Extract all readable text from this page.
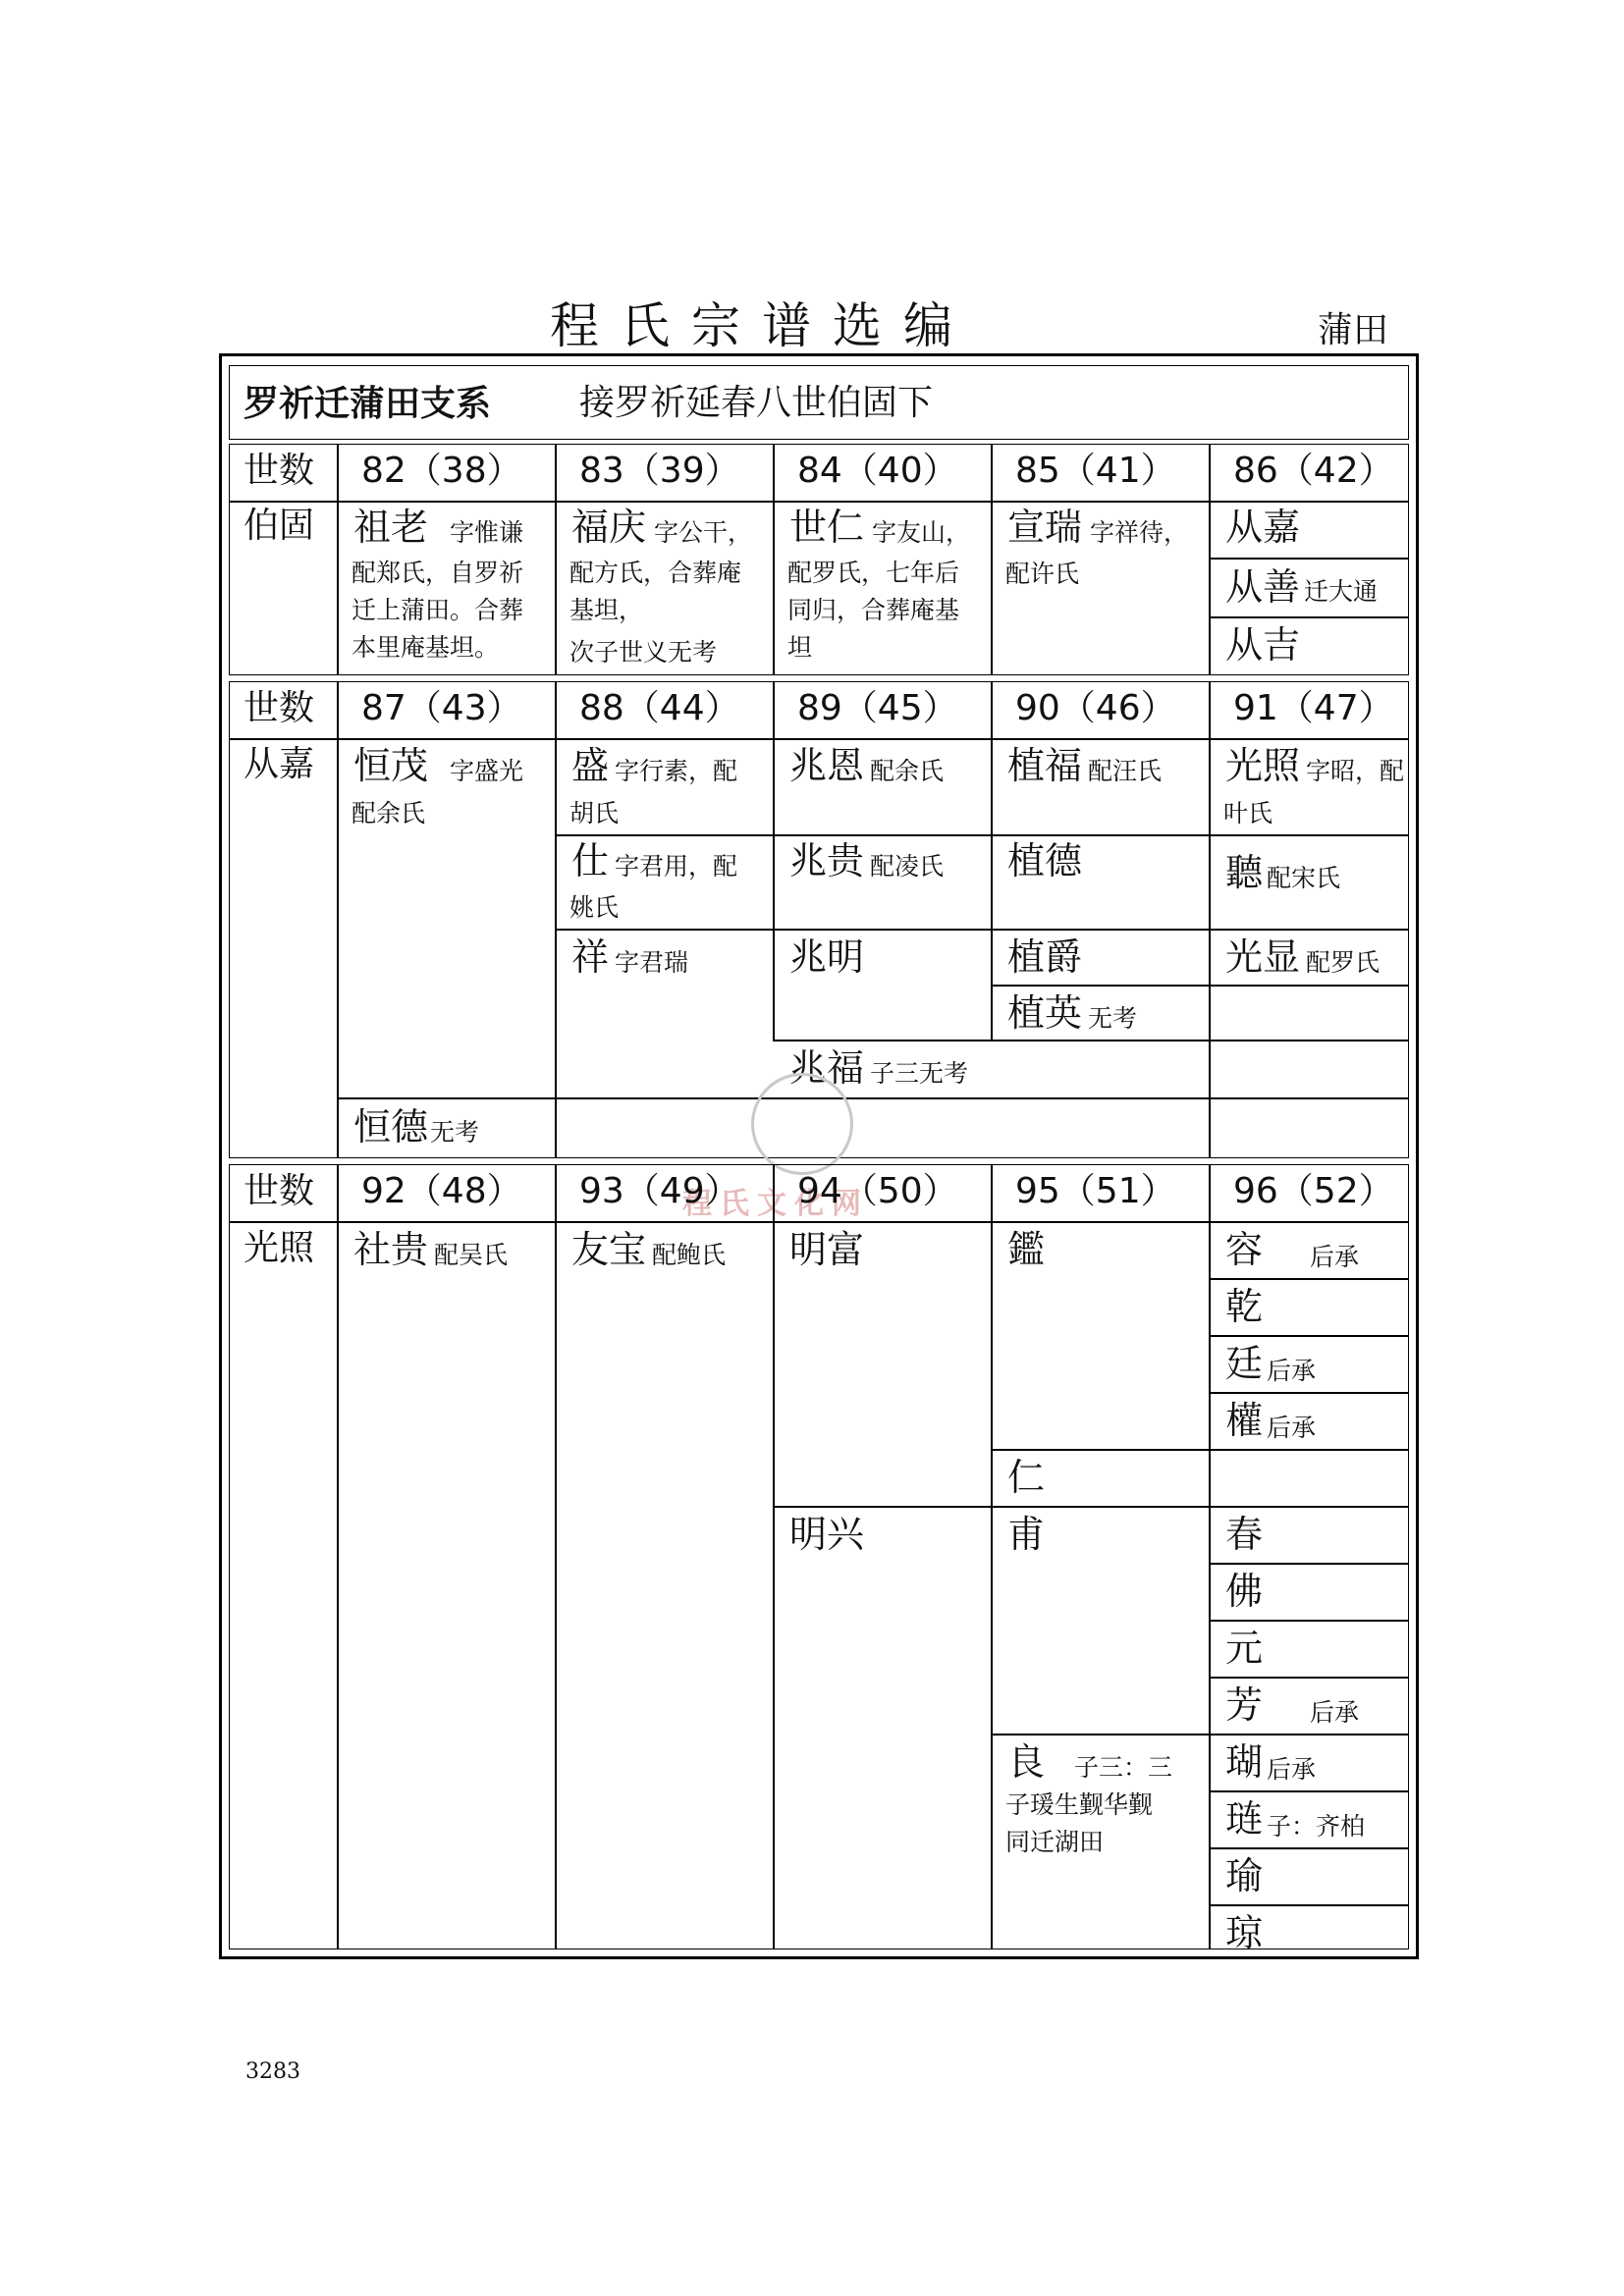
程氏宗谱选编	蒲田
罗祈迁蒲田支系 接罗祈延春八世伯固下
世数 82（38） 83（39） 84（40） 85（41） 86（42）
伯固 祖老 字惟谦
配郑氏，自罗祈迁上蒲田。合葬本里庵基坦。
福庆 字公干，
配方氏，合葬庵基坦，
次子世义无考
世仁 字友山，
配罗氏，七年后同归，合葬庵基坦
宣瑞 字祥待，
配许氏
从嘉
从善 迁大通
从吉
世数 87（43） 88（44） 89（45） 90（46） 91（47）
从嘉 恒茂 字盛光
配余氏
恒德 无考
盛 字行素，配
胡氏
仕 字君用，配
姚氏
祥 字君瑞
兆恩 配余氏
兆贵 配凌氏
兆明
兆福 子三无考
植福 配汪氏
植德
植爵
植英 无考
光照 字昭，配
叶氏
聽 配宋氏
光显 配罗氏
程氏文化网
世数 92（48） 93（49） 94（50） 95（51） 96（52）
光照 社贵 配吴氏 友宝 配鲍氏 明富
明兴
鑑
仁
甫
良 子三：三
子瑗生觐华觐
同迁湖田
容 后承
乾
廷 后承
權 后承
春
佛
元
芳 后承
瑚 后承
琏 子：齐柏
瑜
琼
3283
